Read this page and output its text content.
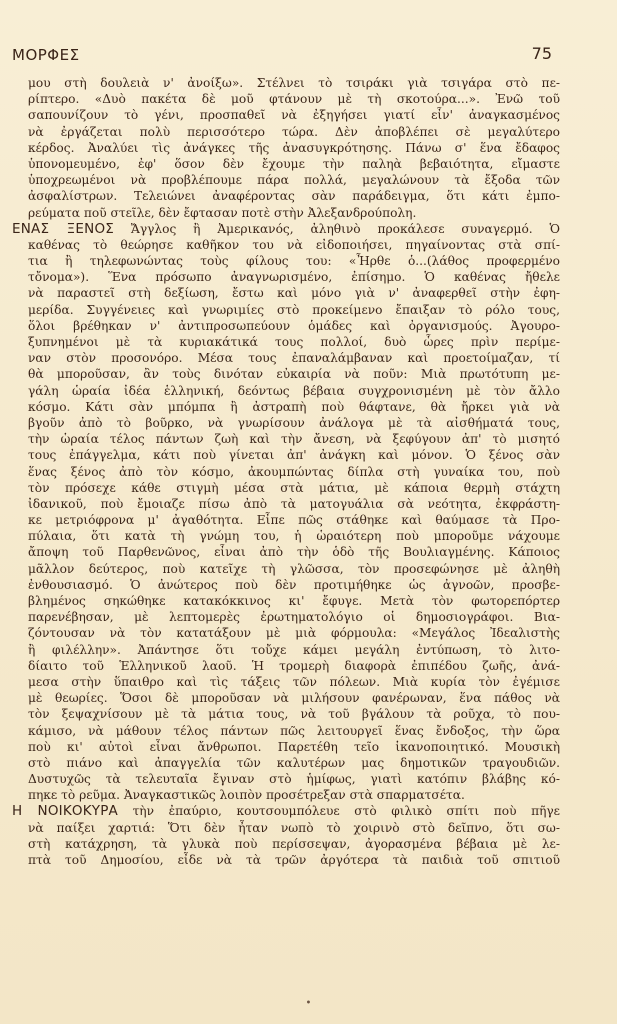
ΜΟΡΦΕΣ	75
μου στὴ δουλειὰ ν' ἀνοίξω». Στέλνει τὸ τσιράκι γιὰ τσιγάρα στὸ πε-
ρίπτερο. «Δυὸ πακέτα δὲ μοῦ φτάνουν μὲ τὴ σκοτούρα...». Ἐνῶ τοῦ
σαπουνίζουν τὸ γένι, προσπαθεῖ νὰ ἐξηγήσει γιατί εἶν' ἀναγκασμένος
νὰ ἐργάζεται πολὺ περισσότερο τώρα. Δὲν ἀποβλέπει σὲ μεγαλύτερο
κέρδος. Ἀναλύει τὶς ἀνάγκες τῆς ἀνασυγκρότησης. Πάνω σ' ἕνα ἔδαφος
ὑπονομευμένο, ἐφ' ὅσον δὲν ἔχουμε τὴν παληὰ βεβαιότητα, εἴμαστε
ὑποχρεωμένοι νὰ προβλέπουμε πάρα πολλά, μεγαλώνουν τὰ ἔξοδα τῶν
ἀσφαλίστρων. Τελειώνει ἀναφέροντας σὰν παράδειγμα, ὅτι κάτι ἐμπο-
ρεύματα ποῦ στεῖλε, δὲν ἔφτασαν ποτὲ στὴν Ἀλεξανδρούπολη.
ΕΝΑΣ ΞΕΝΟΣ Ἄγγλος ἢ Ἀμερικανός, ἀληθινὸ προκάλεσε συναγερμό. Ὁ
καθένας τὸ θεώρησε καθῆκον του νὰ εἰδοποιήσει, πηγαίνοντας στὰ σπί-
τια ἢ τηλεφωνώντας τοὺς φίλους του: «Ἦρθε ὁ...(λάθος προφερμένο
τὄνομα»). Ἕνα πρόσωπο ἀναγνωρισμένο, ἐπίσημο. Ὁ καθένας ἤθελε
νὰ παραστεῖ στὴ δεξίωση, ἔστω καὶ μόνο γιὰ ν' ἀναφερθεῖ στὴν ἐφη-
μερίδα. Συγγένειες καὶ γνωριμίες στὸ προκείμενο ἔπαιξαν τὸ ρόλο τους,
ὅλοι βρέθηκαν ν' ἀντιπροσωπεύουν ὁμάδες καὶ ὀργανισμούς. Ἀγουρο-
ξυπνημένοι μὲ τὰ κυριακάτικά τους πολλοί, δυὸ ὧρες πρὶν περίμε-
ναν στὸν προσονόρο. Μέσα τους ἐπαναλάμβαναν καὶ προετοίμαζαν, τί
θὰ μποροῦσαν, ἂν τοὺς δινόταν εὐκαιρία νὰ ποῦν: Μιὰ πρωτότυπη με-
γάλη ὡραία ἰδέα ἑλληνική, δεόντως βέβαια συγχρονισμένη μὲ τὸν ἄλλο
κόσμο. Κάτι σὰν μπόμπα ἢ ἀστραπὴ ποὺ θάφτανε, θὰ ἤρκει γιὰ νὰ
βγοῦν ἀπὸ τὸ βοῦρκο, νὰ γνωρίσουν ἀνάλογα μὲ τὰ αἰσθήματά τους,
τὴν ὡραία τέλος πάντων ζωὴ καὶ τὴν ἄνεση, νὰ ξεφύγουν ἀπ' τὸ μισητό
τους ἐπάγγελμα, κάτι ποὺ γίνεται ἀπ' ἀνάγκη καὶ μόνον. Ὁ ξένος σὰν
ἕνας ξένος ἀπὸ τὸν κόσμο, ἀκουμπώντας δίπλα στὴ γυναίκα του, ποὺ
τὸν πρόσεχε κάθε στιγμὴ μέσα στὰ μάτια, μὲ κάποια θερμὴ στάχτη
ἰδανικοῦ, ποὺ ἔμοιαζε πίσω ἀπὸ τὰ ματογυάλια σὰ νεότητα, ἐκφράστη-
κε μετριόφρονα μ' ἀγαθότητα. Εἶπε πῶς στάθηκε καὶ θαύμασε τὰ Προ-
πύλαια, ὅτι κατὰ τὴ γνώμη του, ἡ ὡραιότερη ποὺ μποροῦμε νάχουμε
ἄποψη τοῦ Παρθενῶνος, εἶναι ἀπὸ τὴν ὁδὸ τῆς Βουλιαγμένης. Κάποιος
μᾶλλον δεύτερος, ποὺ κατεῖχε τὴ γλῶσσα, τὸν προσεφώνησε μὲ ἀληθὴ
ἐνθουσιασμό. Ὁ ἀνώτερος ποὺ δὲν προτιμήθηκε ὡς ἀγνοῶν, προσβε-
βλημένος σηκώθηκε κατακόκκινος κι' ἔφυγε. Μετὰ τὸν φωτορεπόρτερ
παρενέβησαν, μὲ λεπτομερὲς ἐρωτηματολόγιο οἱ δημοσιογράφοι. Βια-
ζόντουσαν νὰ τὸν κατατάξουν μὲ μιὰ φόρμουλα: «Μεγάλος Ἰδεαλιστὴς
ἢ φιλέλλην». Ἀπάντησε ὅτι τοὔχε κάμει μεγάλη ἐντύπωση, τὸ λιτο-
δίαιτο τοῦ Ἑλληνικοῦ λαοῦ. Ἡ τρομερὴ διαφορὰ ἐπιπέδου ζωῆς, ἀνά-
μεσα στὴν ὕπαιθρο καὶ τὶς τάξεις τῶν πόλεων. Μιὰ κυρία τὸν ἐγέμισε
μὲ θεωρίες. Ὅσοι δὲ μποροῦσαν νὰ μιλήσουν φανέρωναν, ἕνα πάθος νὰ
τὸν ξεψαχνίσουν μὲ τὰ μάτια τους, νὰ τοῦ βγάλουν τὰ ροῦχα, τὸ που-
κάμισο, νὰ μάθουν τέλος πάντων πῶς λειτουργεῖ ἕνας ἔνδοξος, τὴν ὥρα
ποὺ κι' αὐτοὶ εἶναι ἄνθρωποι. Παρετέθη τεῖο ἱκανοποιητικό. Μουσικὴ
στὸ πιάνο καὶ ἀπαγγελία τῶν καλυτέρων μας δημοτικῶν τραγουδιῶν.
Δυστυχῶς τὰ τελευταῖα ἔγιναν στὸ ἡμίφως, γιατὶ κατόπιν βλάβης κό-
πηκε τὸ ρεῦμα. Ἀναγκαστικῶς λοιπὸν προσέτρεξαν στὰ σπαρματσέτα.
Η ΝΟΙΚΟΚΥΡΑ τὴν ἐπαύριο, κουτσουμπόλευε στὸ φιλικὸ σπίτι ποὺ πῆγε
νὰ παίξει χαρτιά: Ὅτι δὲν ἦταν νωπὸ τὸ χοιρινὸ στὸ δεῖπνο, ὅτι σω-
στὴ κατάχρηση, τὰ γλυκὰ ποὺ περίσσεψαν, ἀγορασμένα βέβαια μὲ λε-
πτὰ τοῦ Δημοσίου, εἶδε νὰ τὰ τρῶν ἀργότερα τὰ παιδιὰ τοῦ σπιτιοῦ
•
